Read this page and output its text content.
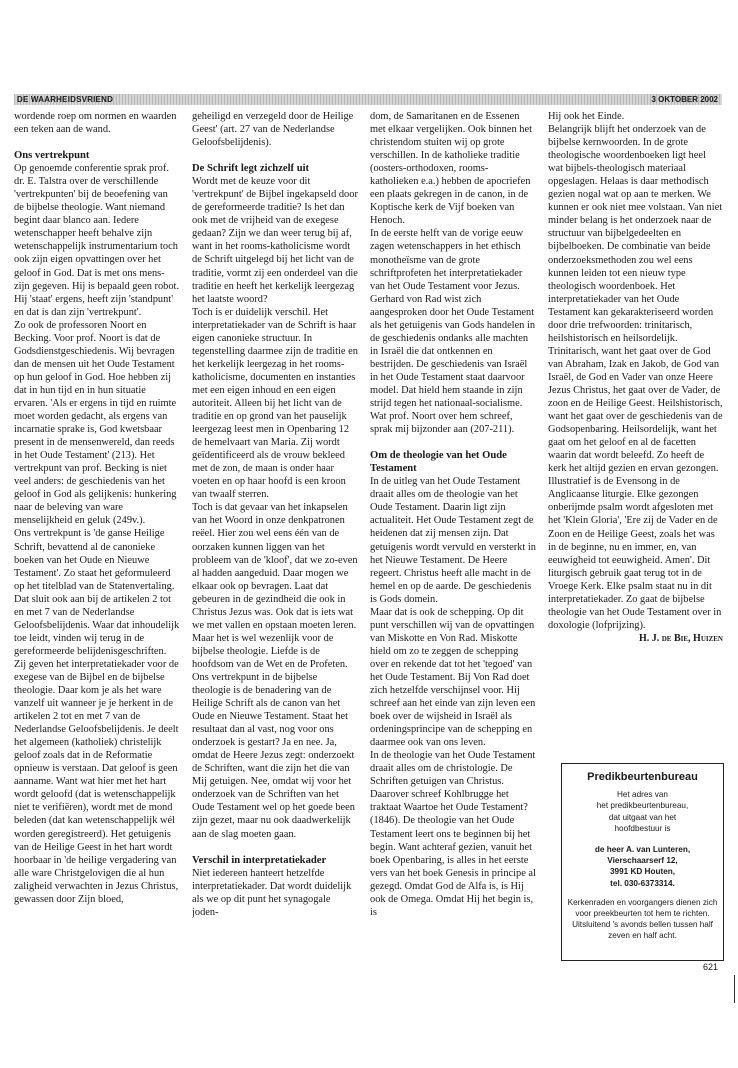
DE WAARHEIDSVRIEND	3 OKTOBER 2002

wordende roep om normen en waarden een teken aan de wand.

Ons vertrekpunt

Op genoemde conferentie sprak prof. dr. E. Talstra over de verschillende 'vertrekpunten' bij de beoefening van de bijbelse theologie. Want niemand begint daar blanco aan. Iedere wetenschapper heeft behalve zijn wetenschappelijk instrumentarium toch ook zijn eigen opvattingen over het geloof in God. Dat is met ons mens-zijn gegeven. Hij is bepaald geen robot. Hij 'staat' ergens, heeft zijn 'standpunt' en dat is dan zijn 'vertrekpunt'.

Zo ook de professoren Noort en Becking. Voor prof. Noort is dat de Godsdienstgeschiedenis. Wij bevragen dan de mensen uit het Oude Testament op hun geloof in God. Hoe hebben zij dat in hun tijd en in hun situatie ervaren. 'Als er ergens in tijd en ruimte moet worden gedacht, als ergens van incarnatie sprake is, God kwetsbaar present in de mensenwereld, dan reeds in het Oude Testament' (213). Het vertrekpunt van prof. Becking is niet veel anders: de geschiedenis van het geloof in God als gelijkenis: hunkering naar de beleving van ware menselijkheid en geluk (249v.).

Ons vertrekpunt is 'de ganse Heilige Schrift, bevattend al de canonieke boeken van het Oude en Nieuwe Testament'. Zo staat het geformuleerd op het titelblad van de Statenvertaling. Dat sluit ook aan bij de artikelen 2 tot en met 7 van de Nederlandse Geloofsbelijdenis. Waar dat inhoudelijk toe leidt, vinden wij terug in de gereformeerde belijdenisgeschriften. Zij geven het interpretatiekader voor de exegese van de Bijbel en de bijbelse theologie. Daar kom je als het ware vanzelf uit wanneer je je herkent in de artikelen 2 tot en met 7 van de Nederlandse Geloofsbelijdenis. Je deelt het algemeen (katholiek) christelijk geloof zoals dat in de Reformatie opnieuw is verstaan. Dat geloof is geen aanname. Want wat hier met het hart wordt geloofd (dat is wetenschappelijk niet te verifiëren), wordt met de mond beleden (dat kan wetenschappelijk wél worden geregistreerd). Het getuigenis van de Heilige Geest in het hart wordt hoorbaar in 'de heilige vergadering van alle ware Christgelovigen die al hun zaligheid verwachten in Jezus Christus, gewassen door Zijn bloed,

geheiligd en verzegeld door de Heilige Geest' (art. 27 van de Nederlandse Geloofsbelijdenis).

De Schrift legt zichzelf uit

Wordt met de keuze voor dit 'vertrekpunt' de Bijbel ingekapseld door de gereformeerde traditie? Is het dan ook met de vrijheid van de exegese gedaan? Zijn we dan weer terug bij af, want in het rooms-katholicisme wordt de Schrift uitgelegd bij het licht van de traditie, vormt zij een onderdeel van die traditie en heeft het kerkelijk leergezag het laatste woord?

Toch is er duidelijk verschil. Het interpretatiekader van de Schrift is haar eigen canonieke structuur. In tegenstelling daarmee zijn de traditie en het kerkelijk leergezag in het rooms-katholicisme, documenten en instanties met een eigen inhoud en een eigen autoriteit. Alleen bij het licht van de traditie en op grond van het pauselijk leergezag leest men in Openbaring 12 de hemelvaart van Maria. Zij wordt geïdentificeerd als de vrouw bekleed met de zon, de maan is onder haar voeten en op haar hoofd is een kroon van twaalf sterren.

Toch is dat gevaar van het inkapselen van het Woord in onze denkpatronen reëel. Hier zou wel eens één van de oorzaken kunnen liggen van het probleem van de 'kloof', dat we zo-even al hadden aangeduid. Daar mogen we elkaar ook op bevragen. Laat dat gebeuren in de gezindheid die ook in Christus Jezus was. Ook dat is iets wat we met vallen en opstaan moeten leren. Maar het is wel wezenlijk voor de bijbelse theologie. Liefde is de hoofdsom van de Wet en de Profeten.

Ons vertrekpunt in de bijbelse theologie is de benadering van de Heilige Schrift als de canon van het Oude en Nieuwe Testament. Staat het resultaat dan al vast, nog voor ons onderzoek is gestart? Ja en nee. Ja, omdat de Heere Jezus zegt: onderzoekt de Schriften, want die zijn het die van Mij getuigen. Nee, omdat wij voor het onderzoek van de Schriften van het Oude Testament wel op het goede been zijn gezet, maar nu ook daadwerkelijk aan de slag moeten gaan.

Verschil in interpretatiekader

Niet iedereen hanteert hetzelfde interpretatiekader. Dat wordt duidelijk als we op dit punt het synagogale joden-

dom, de Samaritanen en de Essenen met elkaar vergelijken. Ook binnen het christendom stuiten wij op grote verschillen. In de katholieke traditie (oosters-orthodoxen, rooms-katholieken e.a.) hebben de apocriefen een plaats gekregen in de canon, in de Koptische kerk de Vijf boeken van Henoch.

In de eerste helft van de vorige eeuw zagen wetenschappers in het ethisch monotheïsme van de grote schriftprofeten het interpretatiekader van het Oude Testament voor Jezus. Gerhard von Rad wist zich aangesproken door het Oude Testament als het getuigenis van Gods handelen in de geschiedenis ondanks alle machten in Israël die dat ontkennen en bestrijden. De geschiedenis van Israël in het Oude Testament staat daarvoor model. Dat hield hem staande in zijn strijd tegen het nationaal-socialisme. Wat prof. Noort over hem schreef, sprak mij bijzonder aan (207-211).

Om de theologie van het Oude Testament

In de uitleg van het Oude Testament draait alles om de theologie van het Oude Testament. Daarin ligt zijn actualiteit. Het Oude Testament zegt de heidenen dat zij mensen zijn. Dat getuigenis wordt vervuld en versterkt in het Nieuwe Testament. De Heere regeert. Christus heeft alle macht in de hemel en op de aarde. De geschiedenis is Gods domein.

Maar dat is ook de schepping. Op dit punt verschillen wij van de opvattingen van Miskotte en Von Rad. Miskotte hield om zo te zeggen de schepping over en rekende dat tot het 'tegoed' van het Oude Testament. Bij Von Rad doet zich hetzelfde verschijnsel voor. Hij schreef aan het einde van zijn leven een boek over de wijsheid in Israël als ordeningsprincipe van de schepping en daarmee ook van ons leven.

In de theologie van het Oude Testament draait alles om de christologie. De Schriften getuigen van Christus. Daarover schreef Kohlbrugge het traktaat Waartoe het Oude Testament? (1846). De theologie van het Oude Testament leert ons te beginnen bij het begin. Want achteraf gezien, vanuit het boek Openbaring, is alles in het eerste vers van het boek Genesis in principe al gezegd. Omdat God de Alfa is, is Hij ook de Omega. Omdat Hij het begin is, is

Hij ook het Einde.

Belangrijk blijft het onderzoek van de bijbelse kernwoorden. In de grote theologische woordenboeken ligt heel wat bijbels-theologisch materiaal opgeslagen. Helaas is daar methodisch gezien nogal wat op aan te merken. We kunnen er ook niet mee volstaan. Van niet minder belang is het onderzoek naar de structuur van bijbelgedeelten en bijbelboeken. De combinatie van beide onderzoeksmethoden zou wel eens kunnen leiden tot een nieuw type theologisch woordenboek. Het interpretatiekader van het Oude Testament kan gekarakteriseerd worden door drie trefwoorden: trinitarisch, heilshistorisch en heilsordelijk. Trinitarisch, want het gaat over de God van Abraham, Izak en Jakob, de God van Israël, de God en Vader van onze Heere Jezus Christus, het gaat over de Vader, de zoon en de Heilige Geest. Heilshistorisch, want het gaat over de geschiedenis van de Godsopenbaring. Heilsordelijk, want het gaat om het geloof en al de facetten waarin dat wordt beleefd. Zo heeft de kerk het altijd gezien en ervan gezongen. Illustratief is de Evensong in de Anglicaanse liturgie. Elke gezongen onberijmde psalm wordt afgesloten met het 'Klein Gloria', 'Ere zij de Vader en de Zoon en de Heilige Geest, zoals het was in de beginne, nu en immer, en, van eeuwigheid tot eeuwigheid. Amen'. Dit liturgisch gebruik gaat terug tot in de Vroege Kerk. Elke psalm staat nu in dit interpretatiekader. Zo gaat de bijbelse theologie van het Oude Testament over in doxologie (lofprijzing).

H. J. de Bie, Huizen

Predikbeurtenbureau

Het adres van

het predikbeurtenbureau,

dat uitgaat van het

hoofdbestuur is

de heer A. van Lunteren,

Vierschaarserf 12,

3991 KD Houten,

tel. 030-6373314.

Kerkenraden en voorgangers dienen zich voor preekbeurten tot hem te richten.

Uitsluitend 's avonds bellen tussen half zeven en half acht.

621
